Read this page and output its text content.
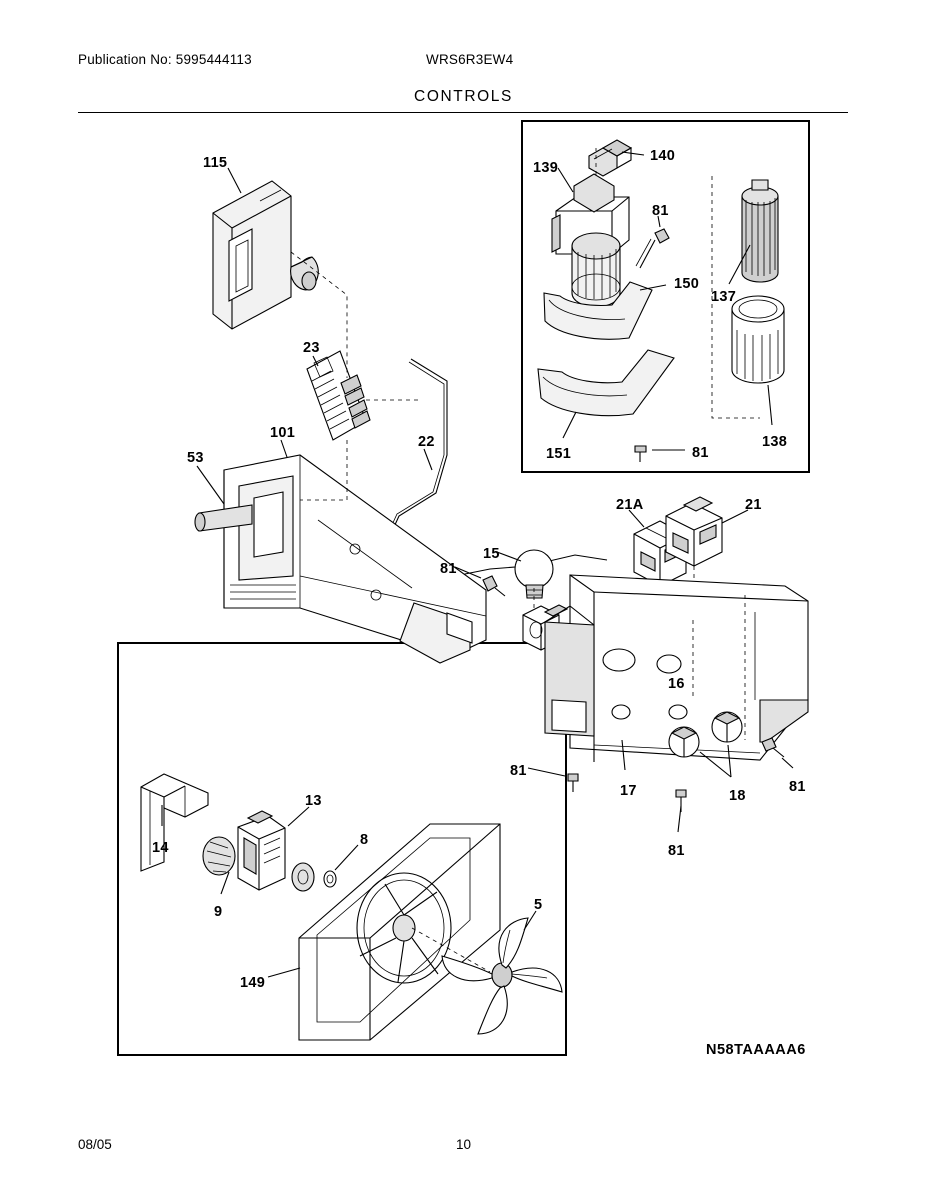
Publication No: 5995444113	WRS6R3EW4
CONTROLS
115
23
101
53
22
139
140
81
150
137
138
151	81
21A	21
15
81
16
81
17	18
81
81
13
8
14
9	5
149
N58TAAAAA6
08/05	10
